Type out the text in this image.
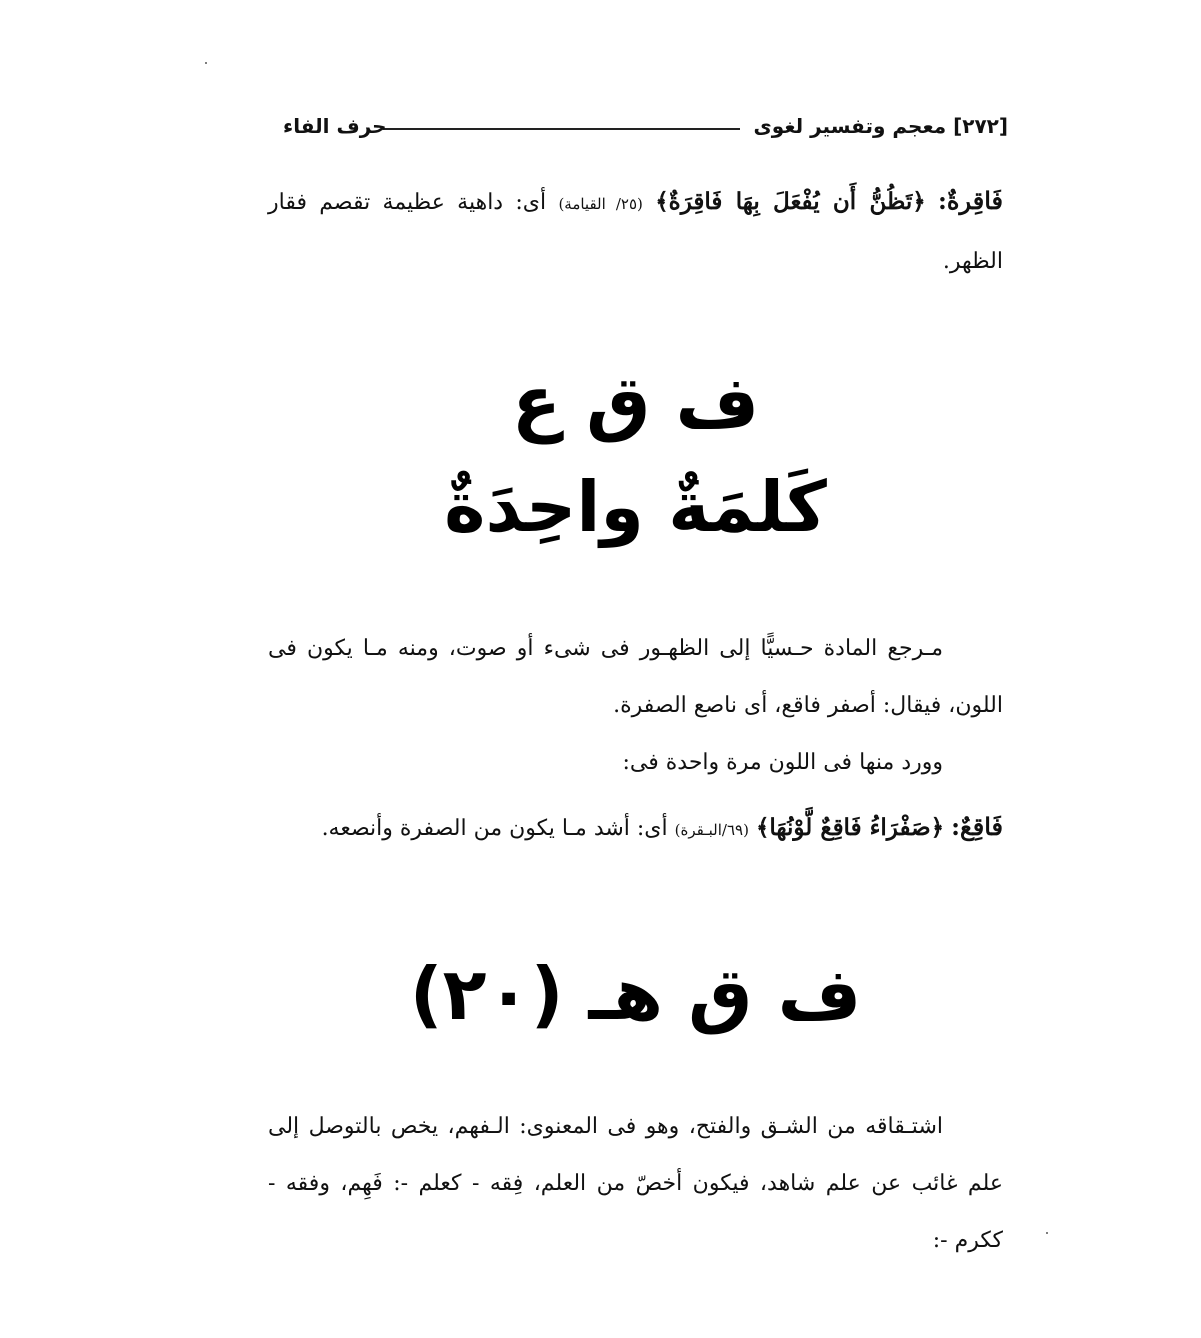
[٢٧٢] معجم وتفسير لغوى
حرف الفاء
فَاقِرةٌ: ﴿تَظُنُّ أَن يُفْعَلَ بِهَا فَاقِرَةٌ﴾ (٢٥/ القيامة) أى: داهية عظيمة تقصم فقار الظهر.
ف ق ع
كَلمَةٌ واحِدَةٌ
مـرجع المادة حـسيًّا إلى الظهـور فى شىء أو صوت، ومنه مـا يكون فى اللون، فيقال: أصفر فاقع، أى ناصع الصفرة.
وورد منها فى اللون مرة واحدة فى:
فَاقِعٌ: ﴿صَفْرَاءُ فَاقِعٌ لَّوْنُهَا﴾ (٦٩/البـقرة) أى: أشد مـا يكون من الصفرة وأنصعه.
ف ق هـ (٢٠)
اشتـقاقه من الشـق والفتح، وهو فى المعنوى: الـفهم، يخص بالتوصل إلى علم غائب عن علم شاهد، فيكون أخصّ من العلم، فِقه - كعلم -: فَهِم، وفقه - ككرم -:
